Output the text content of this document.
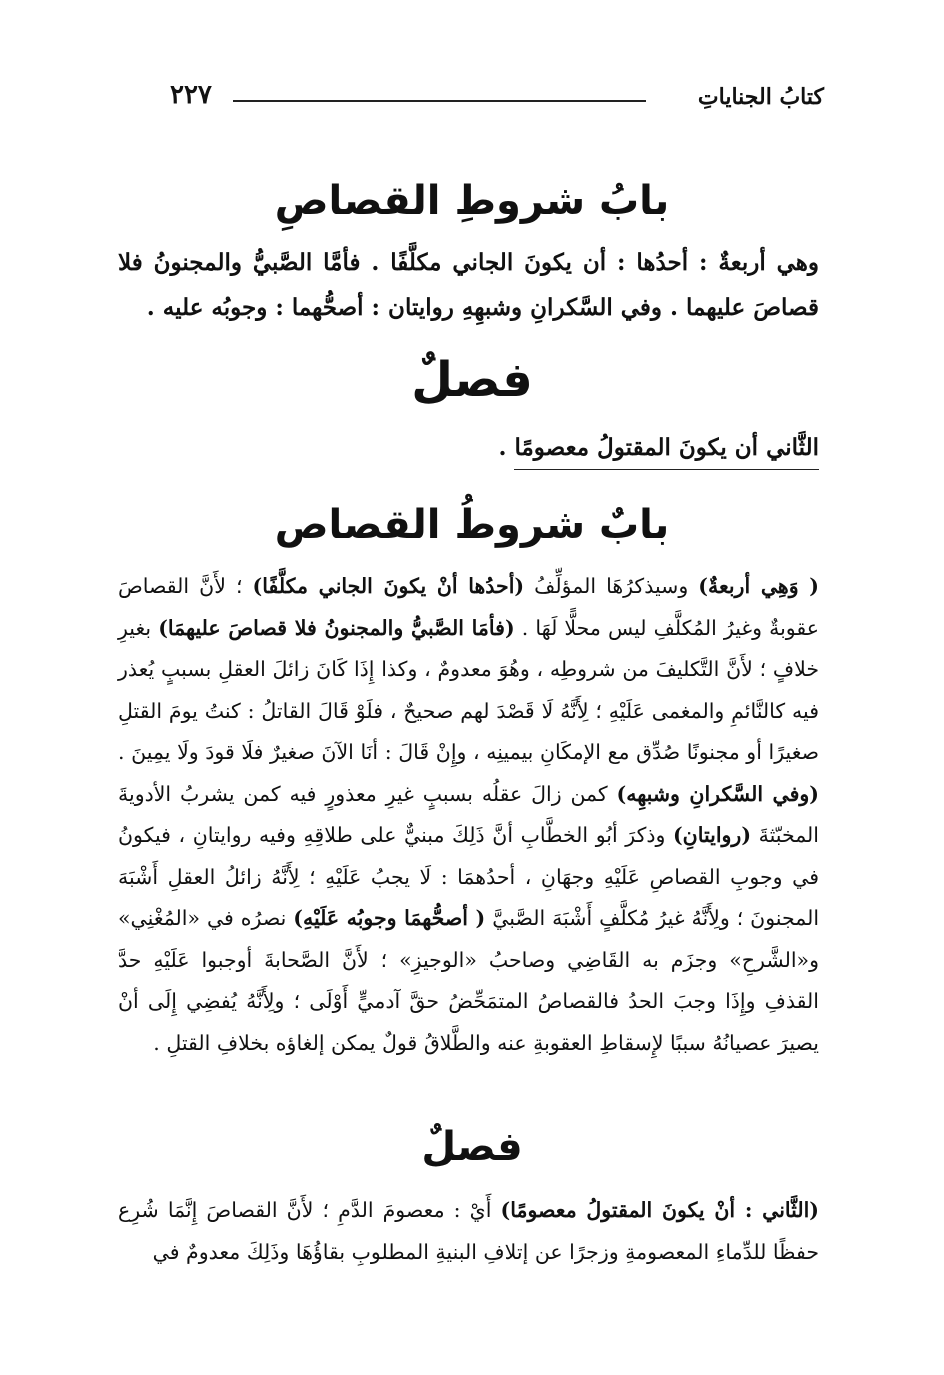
كتابُ الجناياتِ
٢٢٧
بابُ شروطِ القصاصِ
وهي أربعةٌ : أحدُها : أن يكونَ الجاني مكلَّفًا . فأمَّا الصَّبيُّ والمجنونُ فلا قصاصَ عليهما . وفي السَّكرانِ وشبهِهِ روايتان : أصحُّهما : وجوبُه عليه .
فصلٌ
الثَّاني أن يكونَ المقتولُ معصومًا .
بابٌ شروطُ القصاص
( وَهِي أربعةٌ) وسيذكرُهَا المؤلِّفُ (أحدُها أنْ يكونَ الجاني مكلَّفًا) ؛ لأَنَّ القصاصَ عقوبةٌ وغيرُ المُكلَّفِ ليس محلًّا لَهَا . (فأمَا الصَّبيُّ والمجنونُ فلا قصاصَ عليهمَا) بغيرِ خلافٍ ؛ لأَنَّ التَّكليفَ من شروطِه ، وهُوَ معدومٌ ، وكذا إِذَا كَانَ زائلَ العقلِ بسببٍ يُعذر فيه كالنَّائمِ والمغمى عَلَيْهِ ؛ لِأَنَّهُ لَا قَصْدَ لهم صحيحٌ ، فلَوْ قَالَ القاتلُ : كنتُ يومَ القتلِ صغيرًا أو مجنونًا صُدِّق مع الإمكَانِ بيمينِه ، وإِنْ قَالَ : أنَا الآنَ صغيرٌ فلَا قودَ ولَا يمِينَ . (وفي السَّكرانِ وشبهِه) كمن زالَ عقلُه بسببٍ غيرِ معذورٍ فيه كمن يشربُ الأدويةَ المخبّثةَ (روايتانِ) وذكرَ أبُو الخطَّابِ أنَّ ذَلِكَ مبنيٌّ على طلاقِهِ وفيه روايتانِ ، فيكونُ في وجوبِ القصاصِ عَلَيْهِ وجهَانِ ، أحدُهمَا : لَا يجبُ عَلَيْهِ ؛ لِأَنَّهُ زائلُ العقلِ أَشْبَهَ المجنونَ ؛ ولِأَنَّهُ غيرُ مُكلَّفٍ أَشْبَهَ الصَّبيَّ ( أصحُّهمَا وجوبُه عَلَيْهِ) نصرُه في «المُغْنِي» و«الشَّرحِ» وجزَم به القَاضِي وصاحبُ «الوجيزِ» ؛ لأَنَّ الصَّحابةَ أوجبوا عَلَيْهِ حدَّ القذفِ وإِذَا وجبَ الحدُ فالقصاصُ المتمَحِّضُ حقَّ آدميٍّ أَوْلَى ؛ ولِأَنَّهُ يُفضِي إِلَى أنْ يصيرَ عصيانُهُ سببًا لإِسقاطِ العقوبةِ عنه والطَّلاقُ قولٌ يمكن إلغاؤه بخلافِ القتلِ .
فصلٌ
(الثَّاني : أنْ يكونَ المقتولُ معصومًا) أَيْ : معصومَ الدَّمِ ؛ لأَنَّ القصاصَ إِنَّمَا شُرِع حفظًا للدِّماءِ المعصومةِ وزجرًا عن إتلافِ البنيةِ المطلوبِ بقاؤُهَا وذَلِكَ معدومٌ في
